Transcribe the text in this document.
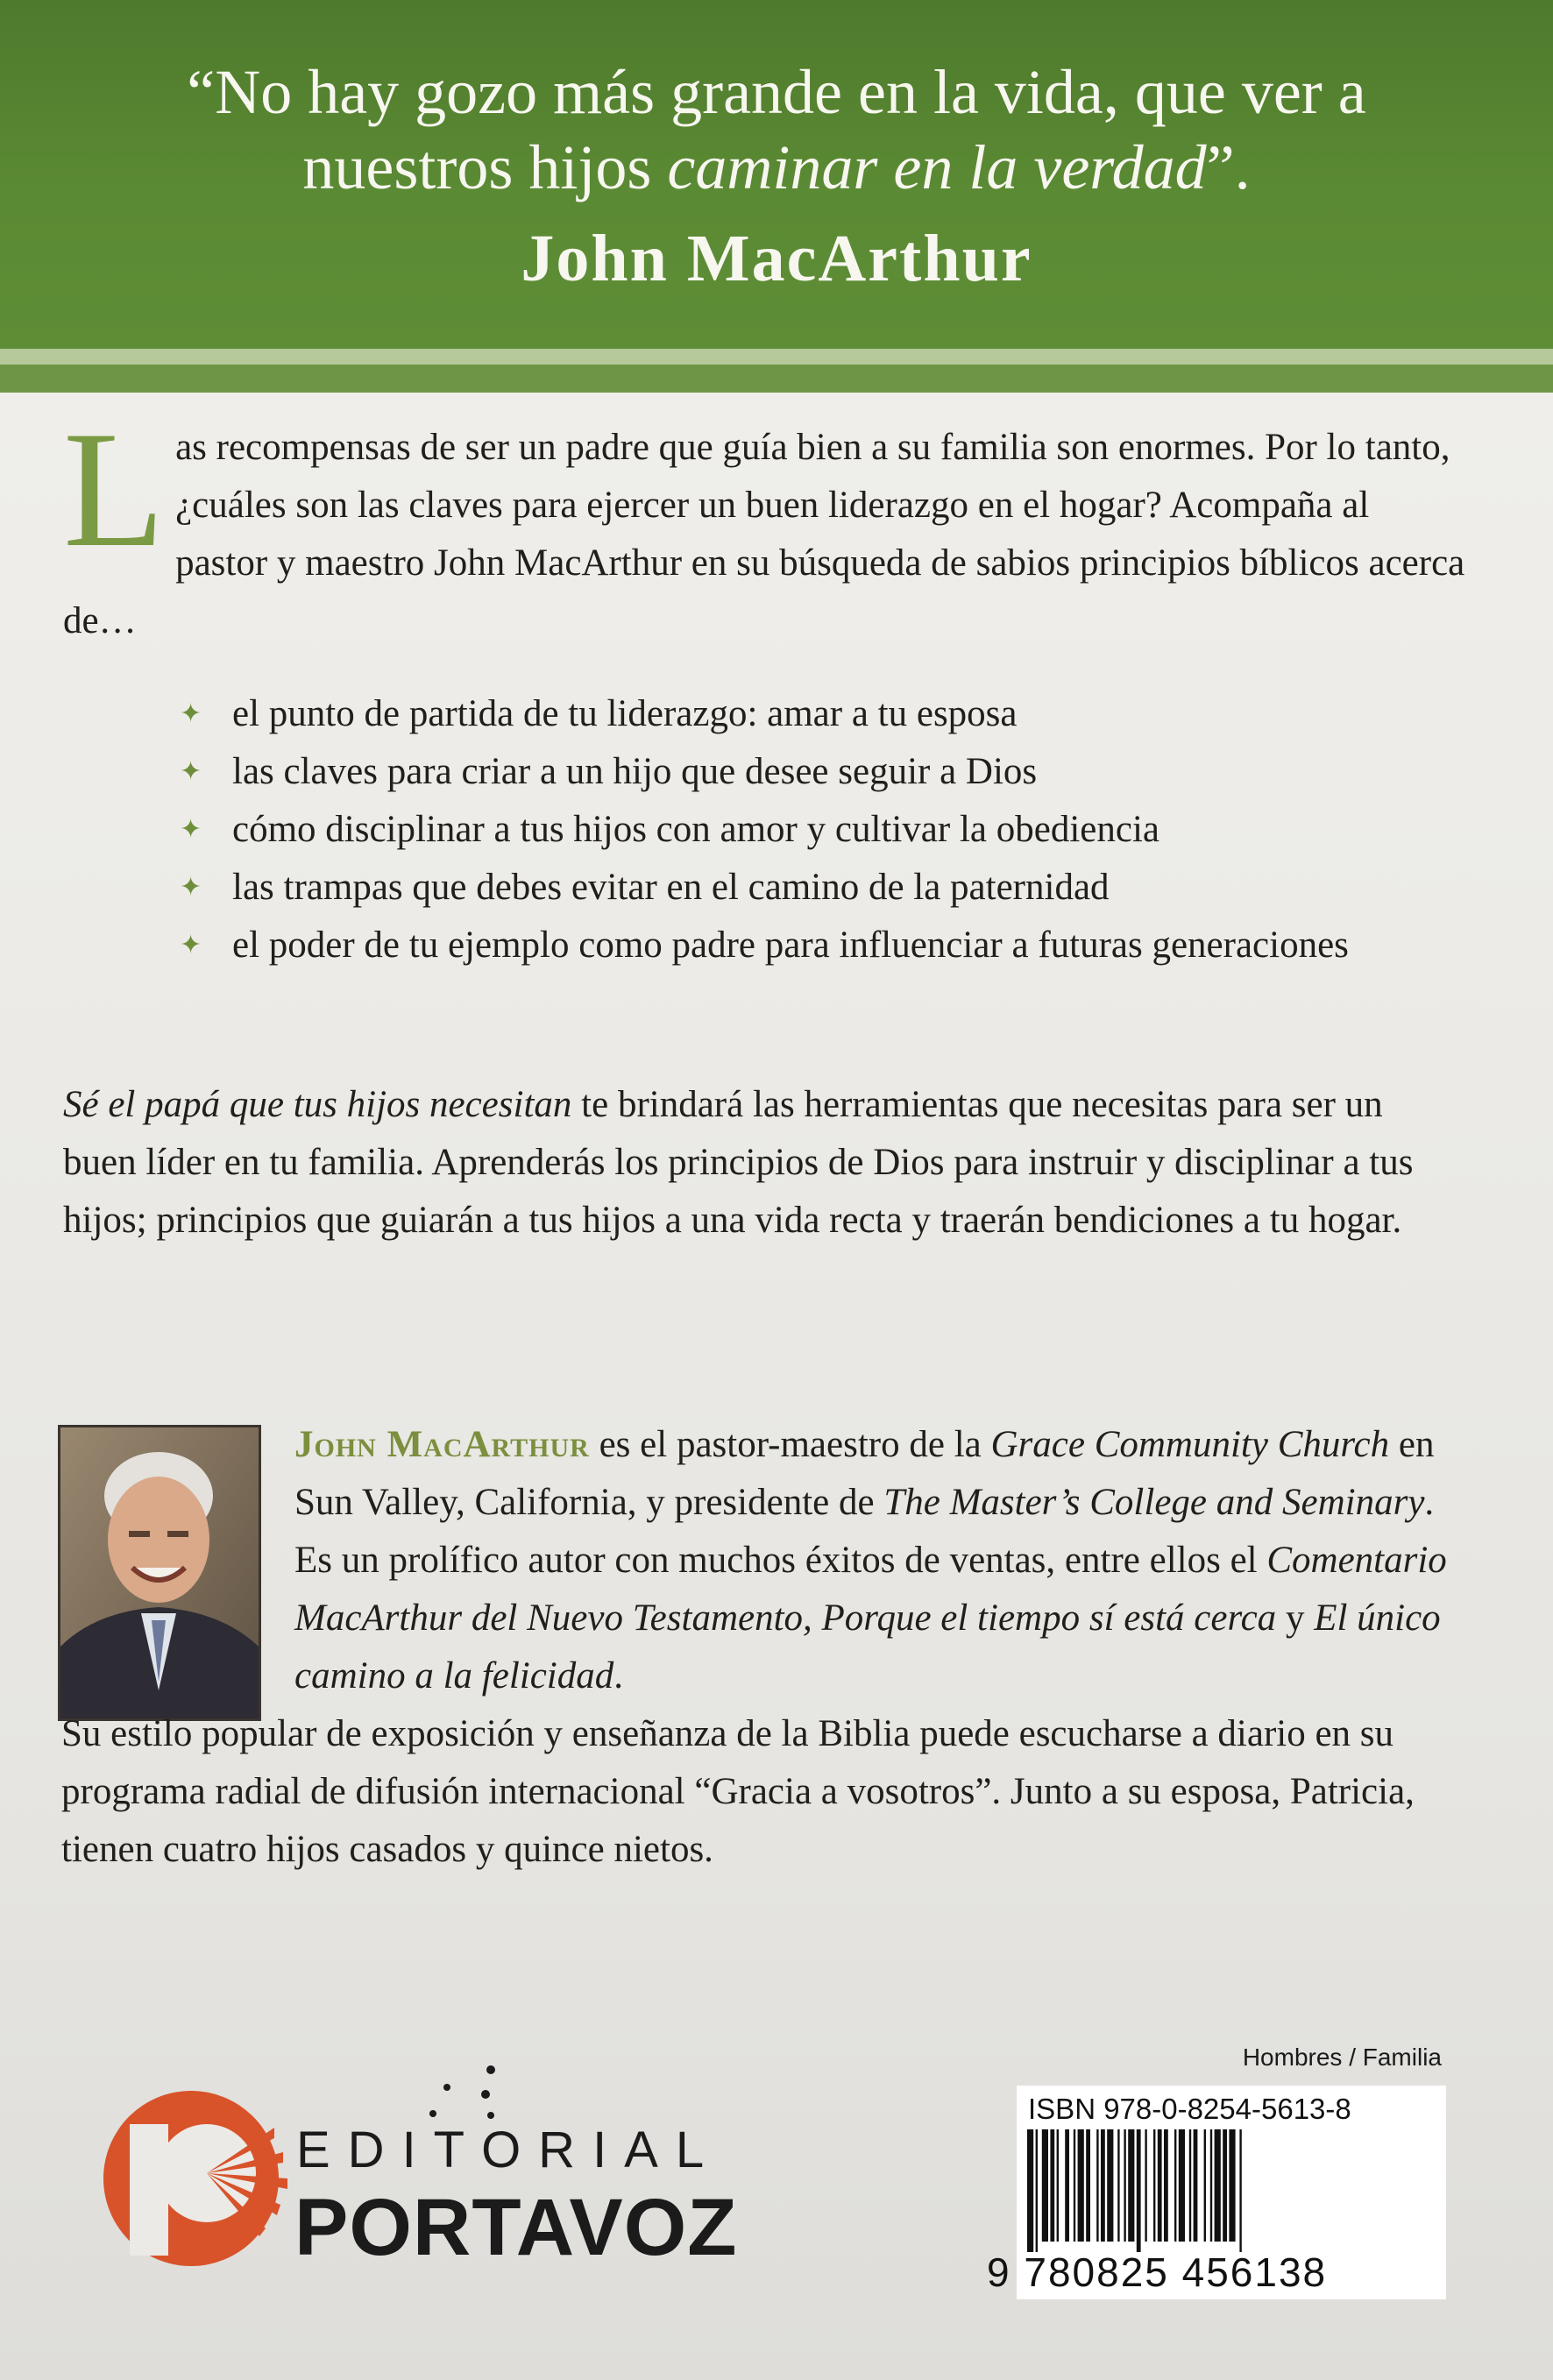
“No hay gozo más grande en la vida, que ver a
nuestros hijos caminar en la verdad”.
John MacArthur
Las recompensas de ser un padre que guía bien a su familia son enormes. Por lo tanto, ¿cuáles son las claves para ejercer un buen liderazgo en el hogar? Acompaña al pastor y maestro John MacArthur en su búsqueda de sabios principios bíblicos acerca de…
✦ el punto de partida de tu liderazgo: amar a tu esposa
✦ las claves para criar a un hijo que desee seguir a Dios
✦ cómo disciplinar a tus hijos con amor y cultivar la obediencia
✦ las trampas que debes evitar en el camino de la paternidad
✦ el poder de tu ejemplo como padre para influenciar a futuras generaciones
Sé el papá que tus hijos necesitan te brindará las herramientas que necesitas para ser un buen líder en tu familia. Aprenderás los principios de Dios para instruir y disciplinar a tus hijos; principios que guiarán a tus hijos a una vida recta y traerán bendiciones a tu hogar.
John MacArthur es el pastor-maestro de la Grace Community Church en Sun Valley, California, y presidente de The Master’s College and Seminary. Es un prolífico autor con muchos éxitos de ventas, entre ellos el Comentario MacArthur del Nuevo Testamento, Porque el tiempo sí está cerca y El único camino a la felicidad.
Su estilo popular de exposición y enseñanza de la Biblia puede escucharse a diario en su programa radial de difusión internacional “Gracia a vosotros”. Junto a su esposa, Patricia, tienen cuatro hijos casados y quince nietos.
EDITORIAL
PORTAVOZ
Hombres / Familia
ISBN 978-0-8254-5613-8
9 780825 456138
